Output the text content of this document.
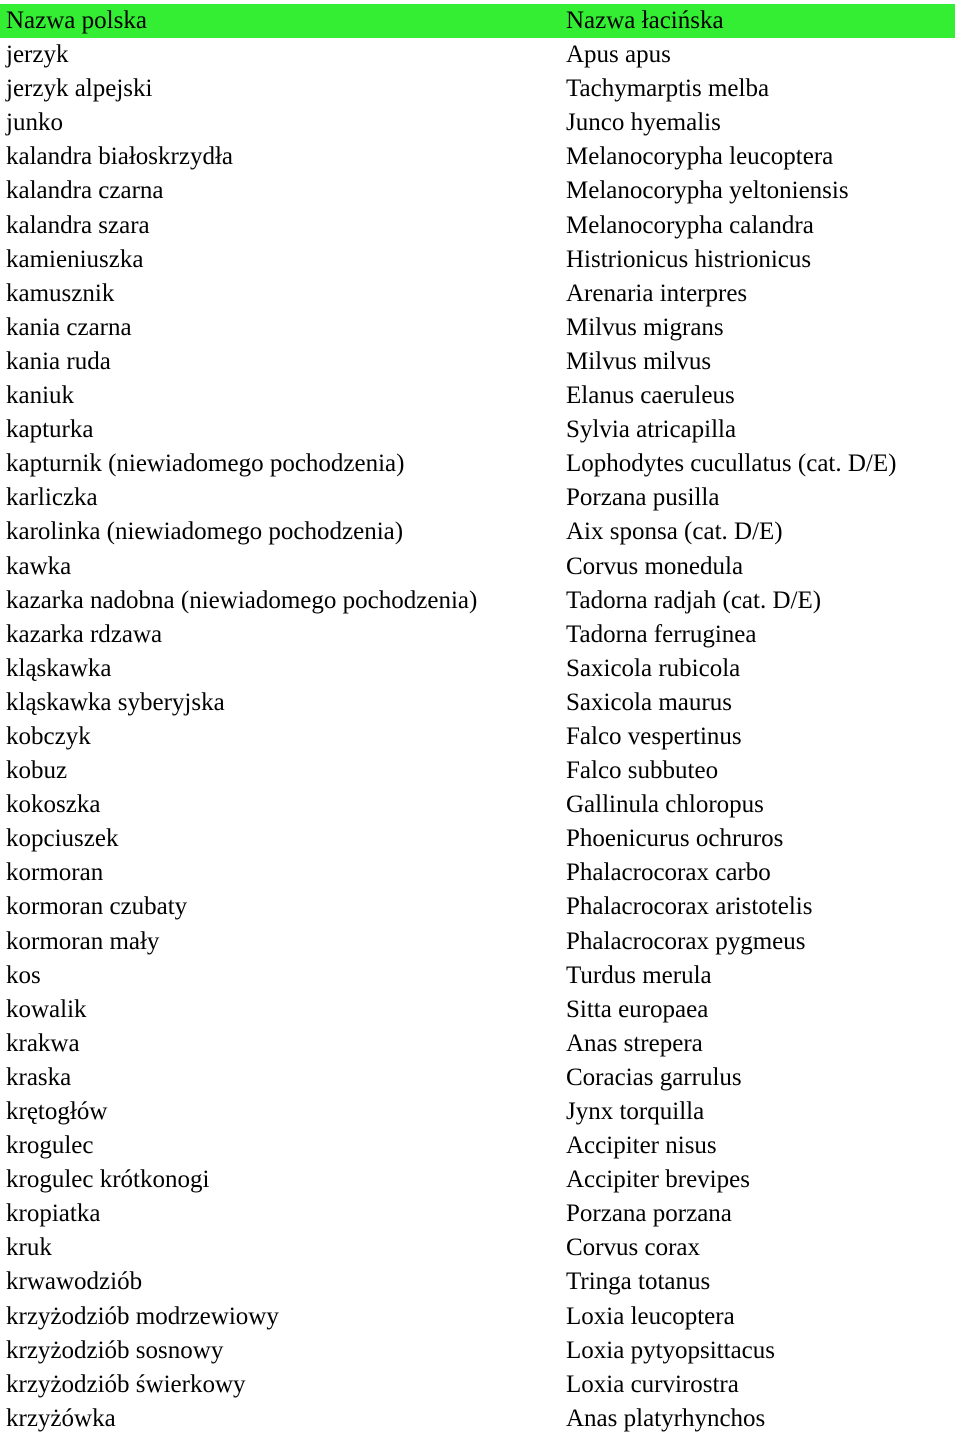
Nazwa polska	Nazwa łacińska
jerzyk	Apus apus
jerzyk alpejski	Tachymarptis melba
junko	Junco hyemalis
kalandra białoskrzydła	Melanocorypha leucoptera
kalandra czarna	Melanocorypha yeltoniensis
kalandra szara	Melanocorypha calandra
kamieniuszka	Histrionicus histrionicus
kamusznik	Arenaria interpres
kania czarna	Milvus migrans
kania ruda	Milvus milvus
kaniuk	Elanus caeruleus
kapturka	Sylvia atricapilla
kapturnik (niewiadomego pochodzenia)	Lophodytes cucullatus (cat. D/E)
karliczka	Porzana pusilla
karolinka (niewiadomego pochodzenia)	Aix sponsa (cat. D/E)
kawka	Corvus monedula
kazarka nadobna (niewiadomego pochodzenia)	Tadorna radjah (cat. D/E)
kazarka rdzawa	Tadorna ferruginea
kląskawka	Saxicola rubicola
kląskawka syberyjska	Saxicola maurus
kobczyk	Falco vespertinus
kobuz	Falco subbuteo
kokoszka	Gallinula chloropus
kopciuszek	Phoenicurus ochruros
kormoran	Phalacrocorax carbo
kormoran czubaty	Phalacrocorax aristotelis
kormoran mały	Phalacrocorax pygmeus
kos	Turdus merula
kowalik	Sitta europaea
krakwa	Anas strepera
kraska	Coracias garrulus
krętogłów	Jynx torquilla
krogulec	Accipiter nisus
krogulec krótkonogi	Accipiter brevipes
kropiatka	Porzana porzana
kruk	Corvus corax
krwawodziób	Tringa totanus
krzyżodziób modrzewiowy	Loxia leucoptera
krzyżodziób sosnowy	Loxia pytyopsittacus
krzyżodziób świerkowy	Loxia curvirostra
krzyżówka	Anas platyrhynchos
